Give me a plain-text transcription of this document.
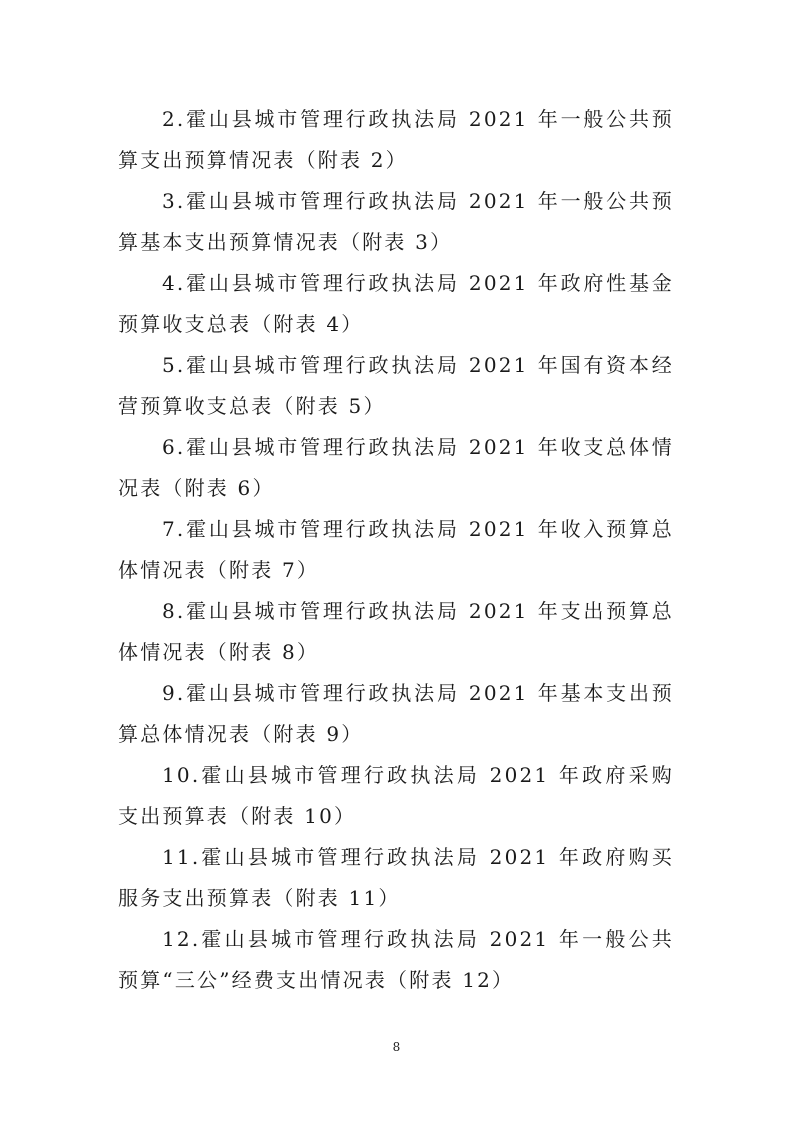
2.霍山县城市管理行政执法局 2021 年一般公共预算支出预算情况表（附表 2）

3.霍山县城市管理行政执法局 2021 年一般公共预算基本支出预算情况表（附表 3）

4.霍山县城市管理行政执法局 2021 年政府性基金预算收支总表（附表 4）

5.霍山县城市管理行政执法局 2021 年国有资本经营预算收支总表（附表 5）

6.霍山县城市管理行政执法局 2021 年收支总体情况表（附表 6）

7.霍山县城市管理行政执法局 2021 年收入预算总体情况表（附表 7）

8.霍山县城市管理行政执法局 2021 年支出预算总体情况表（附表 8）

9.霍山县城市管理行政执法局 2021 年基本支出预算总体情况表（附表 9）

10.霍山县城市管理行政执法局 2021 年政府采购支出预算表（附表 10）

11.霍山县城市管理行政执法局 2021 年政府购买服务支出预算表（附表 11）

12.霍山县城市管理行政执法局 2021 年一般公共预算“三公”经费支出情况表（附表 12）

8
